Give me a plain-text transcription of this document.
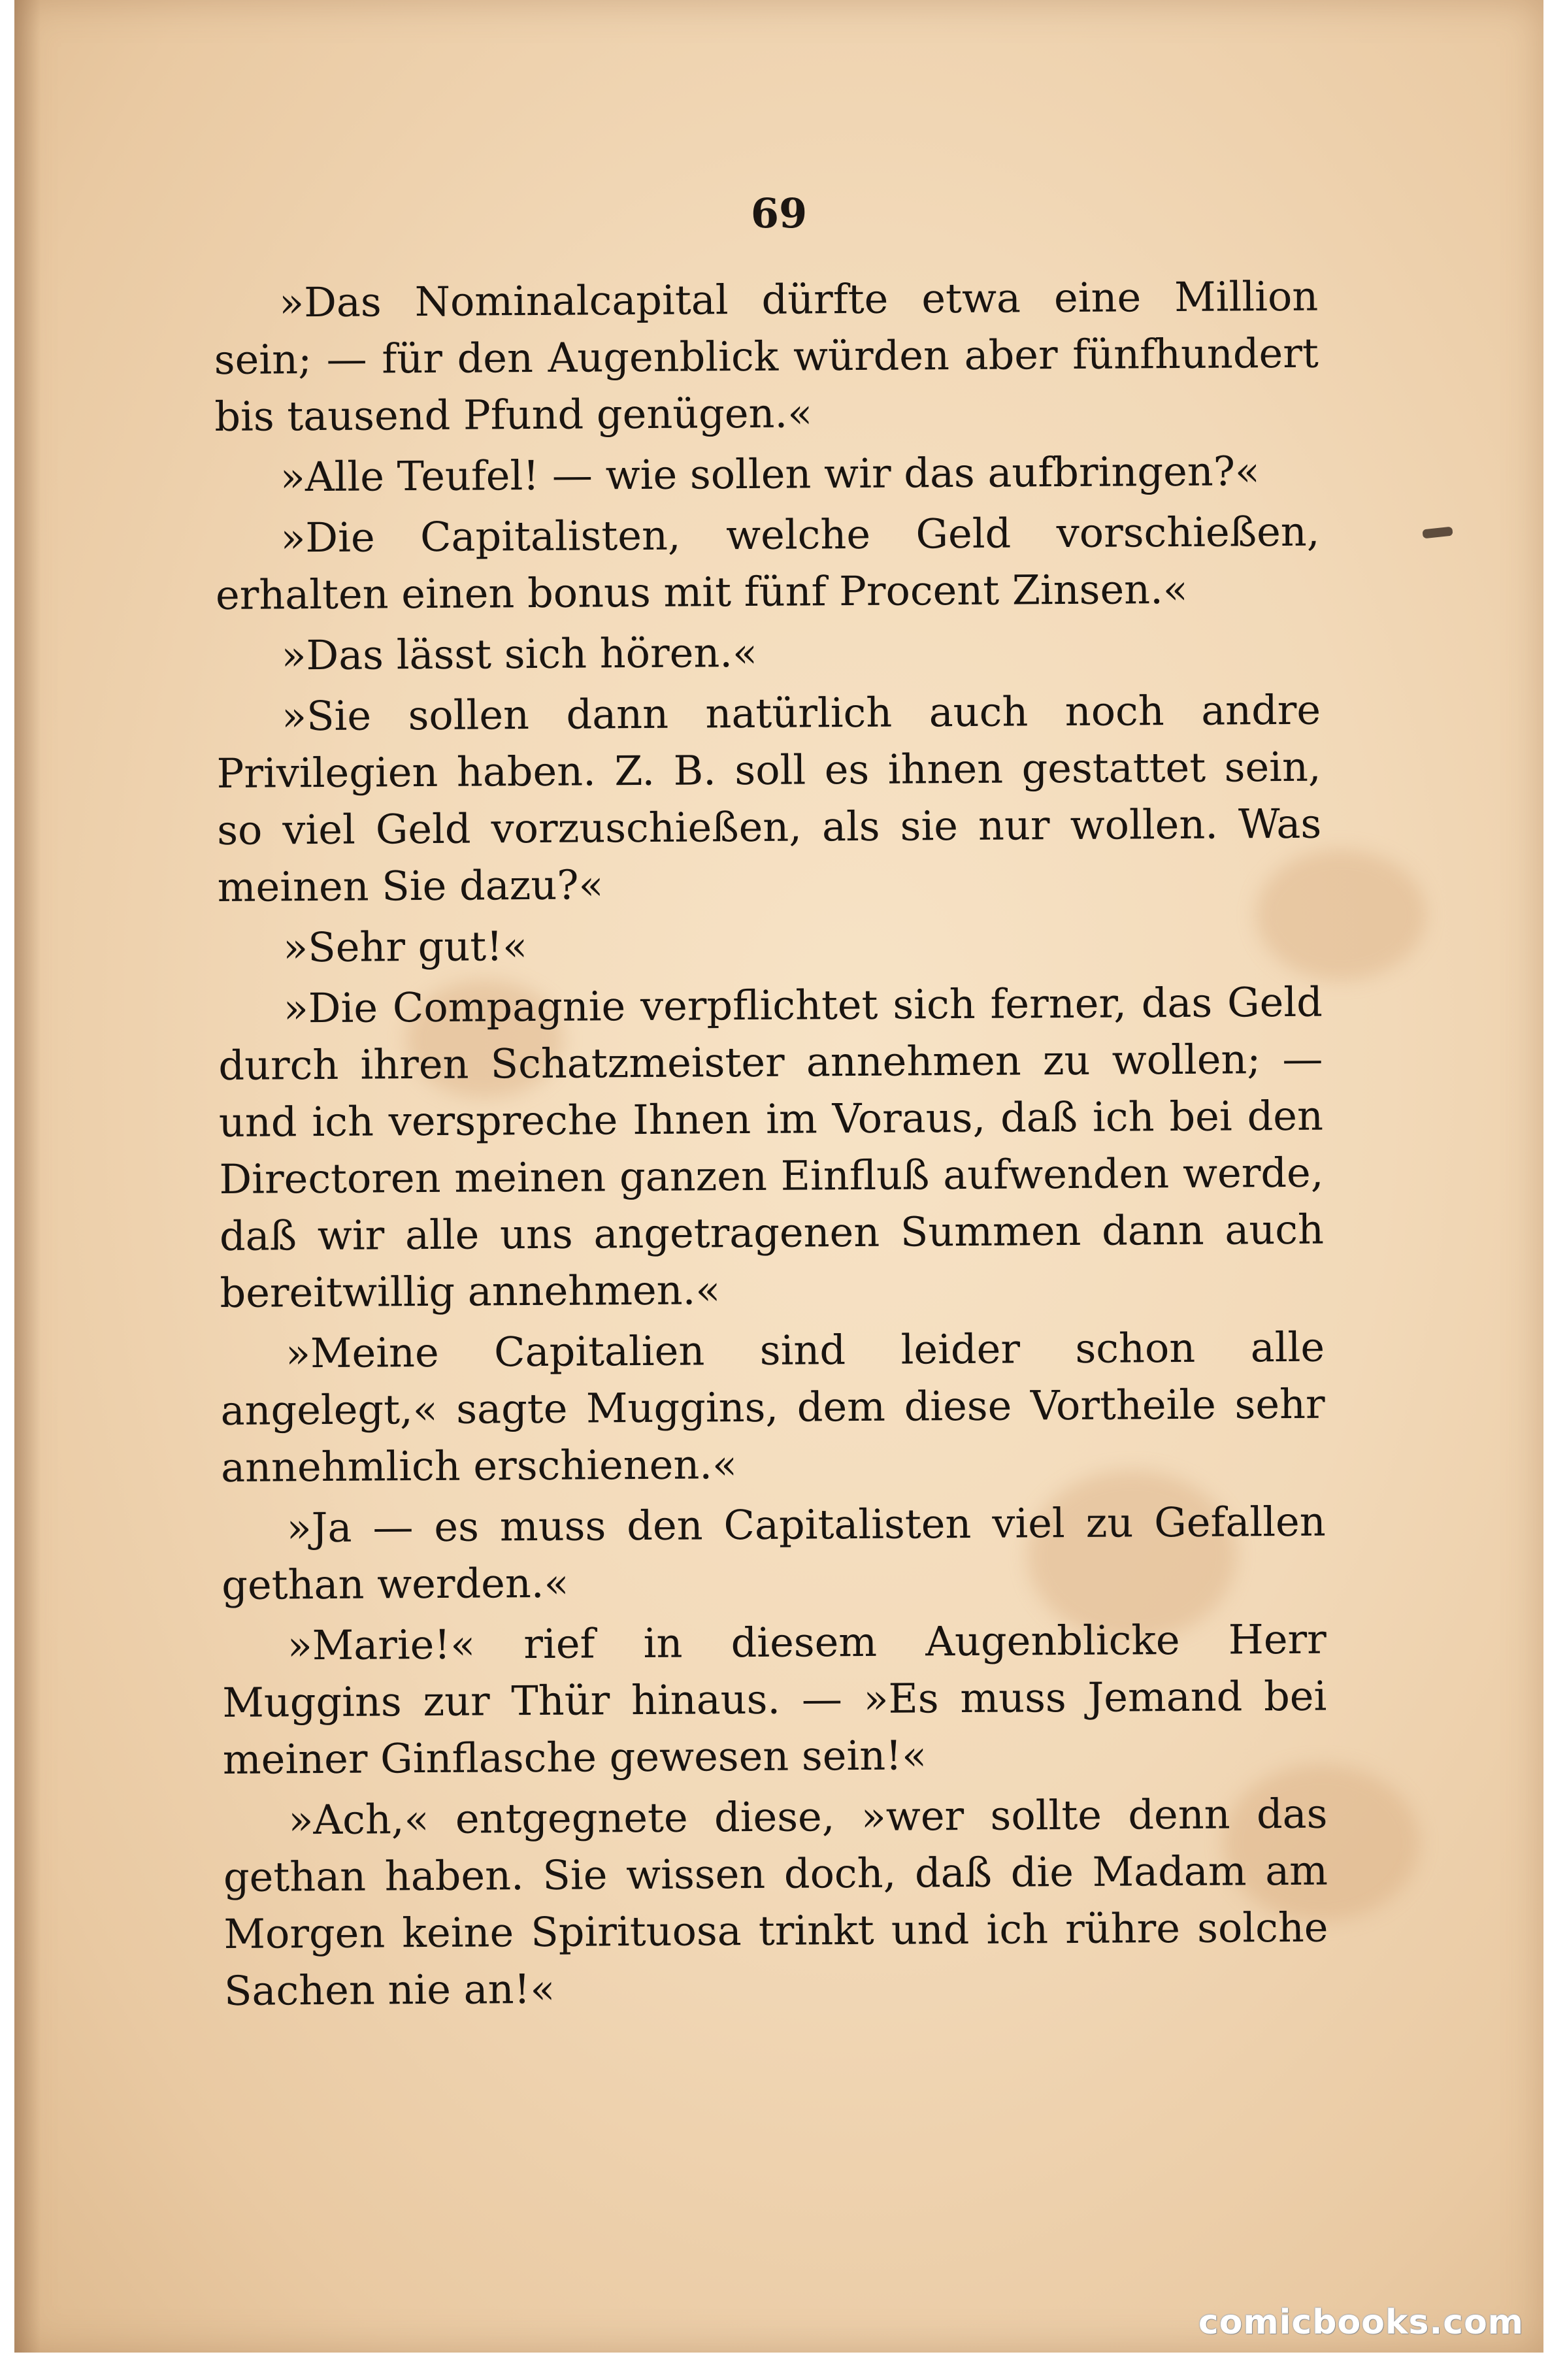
69

»Das Nominalcapital dürfte etwa eine Million sein; — für den Augenblick würden aber fünfhundert bis tausend Pfund genügen.«

»Alle Teufel! — wie sollen wir das aufbringen?«

»Die Capitalisten, welche Geld vorschießen, erhalten einen bonus mit fünf Procent Zinsen.«

»Das lässt sich hören.«

»Sie sollen dann natürlich auch noch andre Privilegien haben. Z. B. soll es ihnen gestattet sein, so viel Geld vorzuschießen, als sie nur wollen. Was meinen Sie dazu?«

»Sehr gut!«

»Die Compagnie verpflichtet sich ferner, das Geld durch ihren Schatzmeister annehmen zu wollen; — und ich verspreche Ihnen im Voraus, daß ich bei den Directoren meinen ganzen Einfluß aufwenden werde, daß wir alle uns angetragenen Summen dann auch bereitwillig annehmen.«

»Meine Capitalien sind leider schon alle angelegt,« sagte Muggins, dem diese Vortheile sehr annehmlich erschienen.«

»Ja — es muss den Capitalisten viel zu Gefallen gethan werden.«

»Marie!« rief in diesem Augenblicke Herr Muggins zur Thür hinaus. — »Es muss Jemand bei meiner Ginflasche gewesen sein!«

»Ach,« entgegnete diese, »wer sollte denn das gethan haben. Sie wissen doch, daß die Madam am Morgen keine Spirituosa trinkt und ich rühre solche Sachen nie an!«

comicbooks.com
